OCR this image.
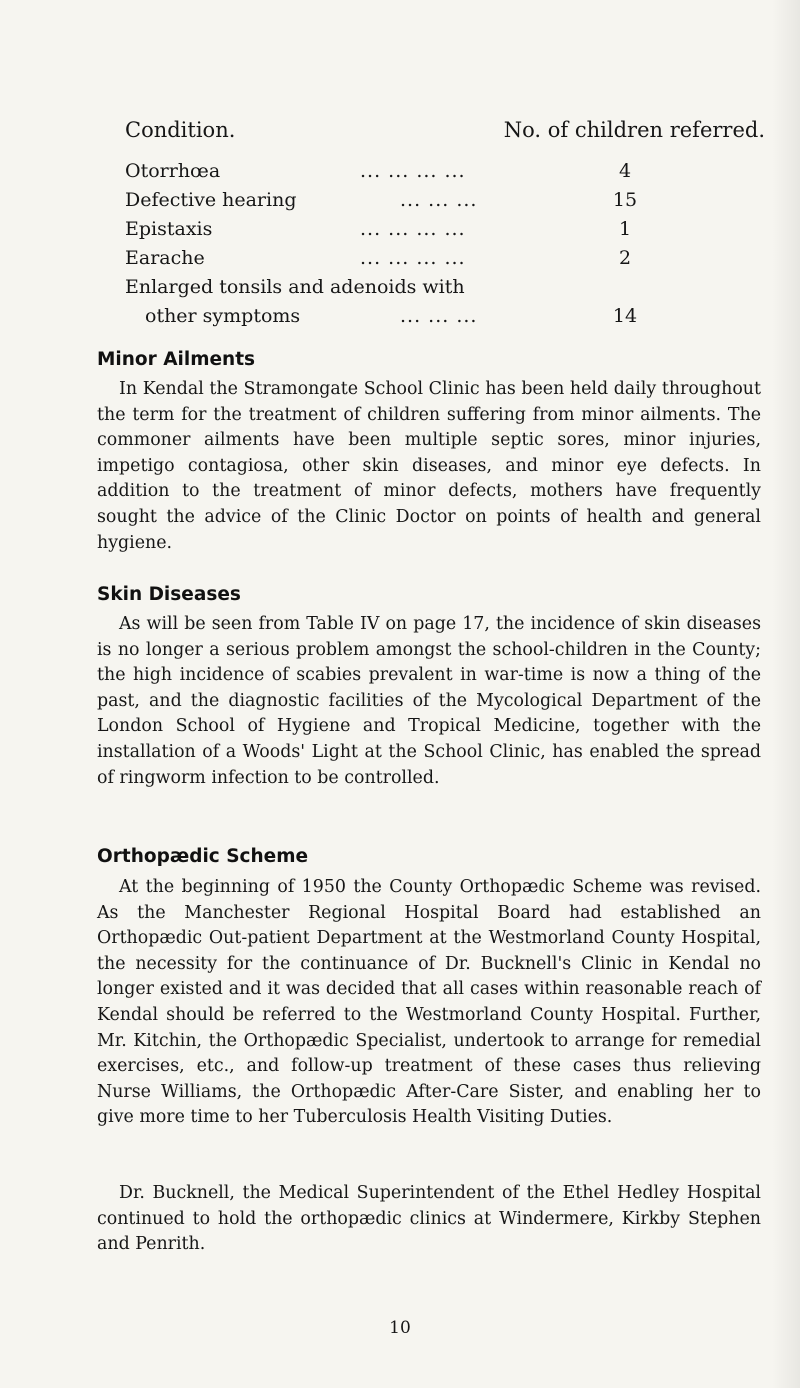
Condition.	No. of children referred.
Otorrhœa	... ... ... ...	4
Defective hearing	... ... ...	15
Epistaxis	... ... ... ...	1
Earache	... ... ... ...	2
Enlarged tonsils and adenoids with
other symptoms	... ... ...	14
Minor Ailments

In Kendal the Stramongate School Clinic has been held daily throughout the term for the treatment of children suffering from minor ailments. The commoner ailments have been multiple septic sores, minor injuries, impetigo contagiosa, other skin diseases, and minor eye defects. In addition to the treatment of minor defects, mothers have frequently sought the advice of the Clinic Doctor on points of health and general hygiene.

Skin Diseases

As will be seen from Table IV on page 17, the incidence of skin diseases is no longer a serious problem amongst the school-children in the County; the high incidence of scabies prevalent in war-time is now a thing of the past, and the diagnostic facilities of the Mycological Department of the London School of Hygiene and Tropical Medicine, together with the installation of a Woods' Light at the School Clinic, has enabled the spread of ringworm infection to be controlled.

Orthopædic Scheme

At the beginning of 1950 the County Orthopædic Scheme was revised. As the Manchester Regional Hospital Board had established an Orthopædic Out-patient Department at the Westmorland County Hospital, the necessity for the continuance of Dr. Bucknell's Clinic in Kendal no longer existed and it was decided that all cases within reasonable reach of Kendal should be referred to the Westmorland County Hospital. Further, Mr. Kitchin, the Orthopædic Specialist, undertook to arrange for remedial exercises, etc., and follow-up treatment of these cases thus relieving Nurse Williams, the Orthopædic After-Care Sister, and enabling her to give more time to her Tuberculosis Health Visiting Duties.

Dr. Bucknell, the Medical Superintendent of the Ethel Hedley Hospital continued to hold the orthopædic clinics at Windermere, Kirkby Stephen and Penrith.

10
